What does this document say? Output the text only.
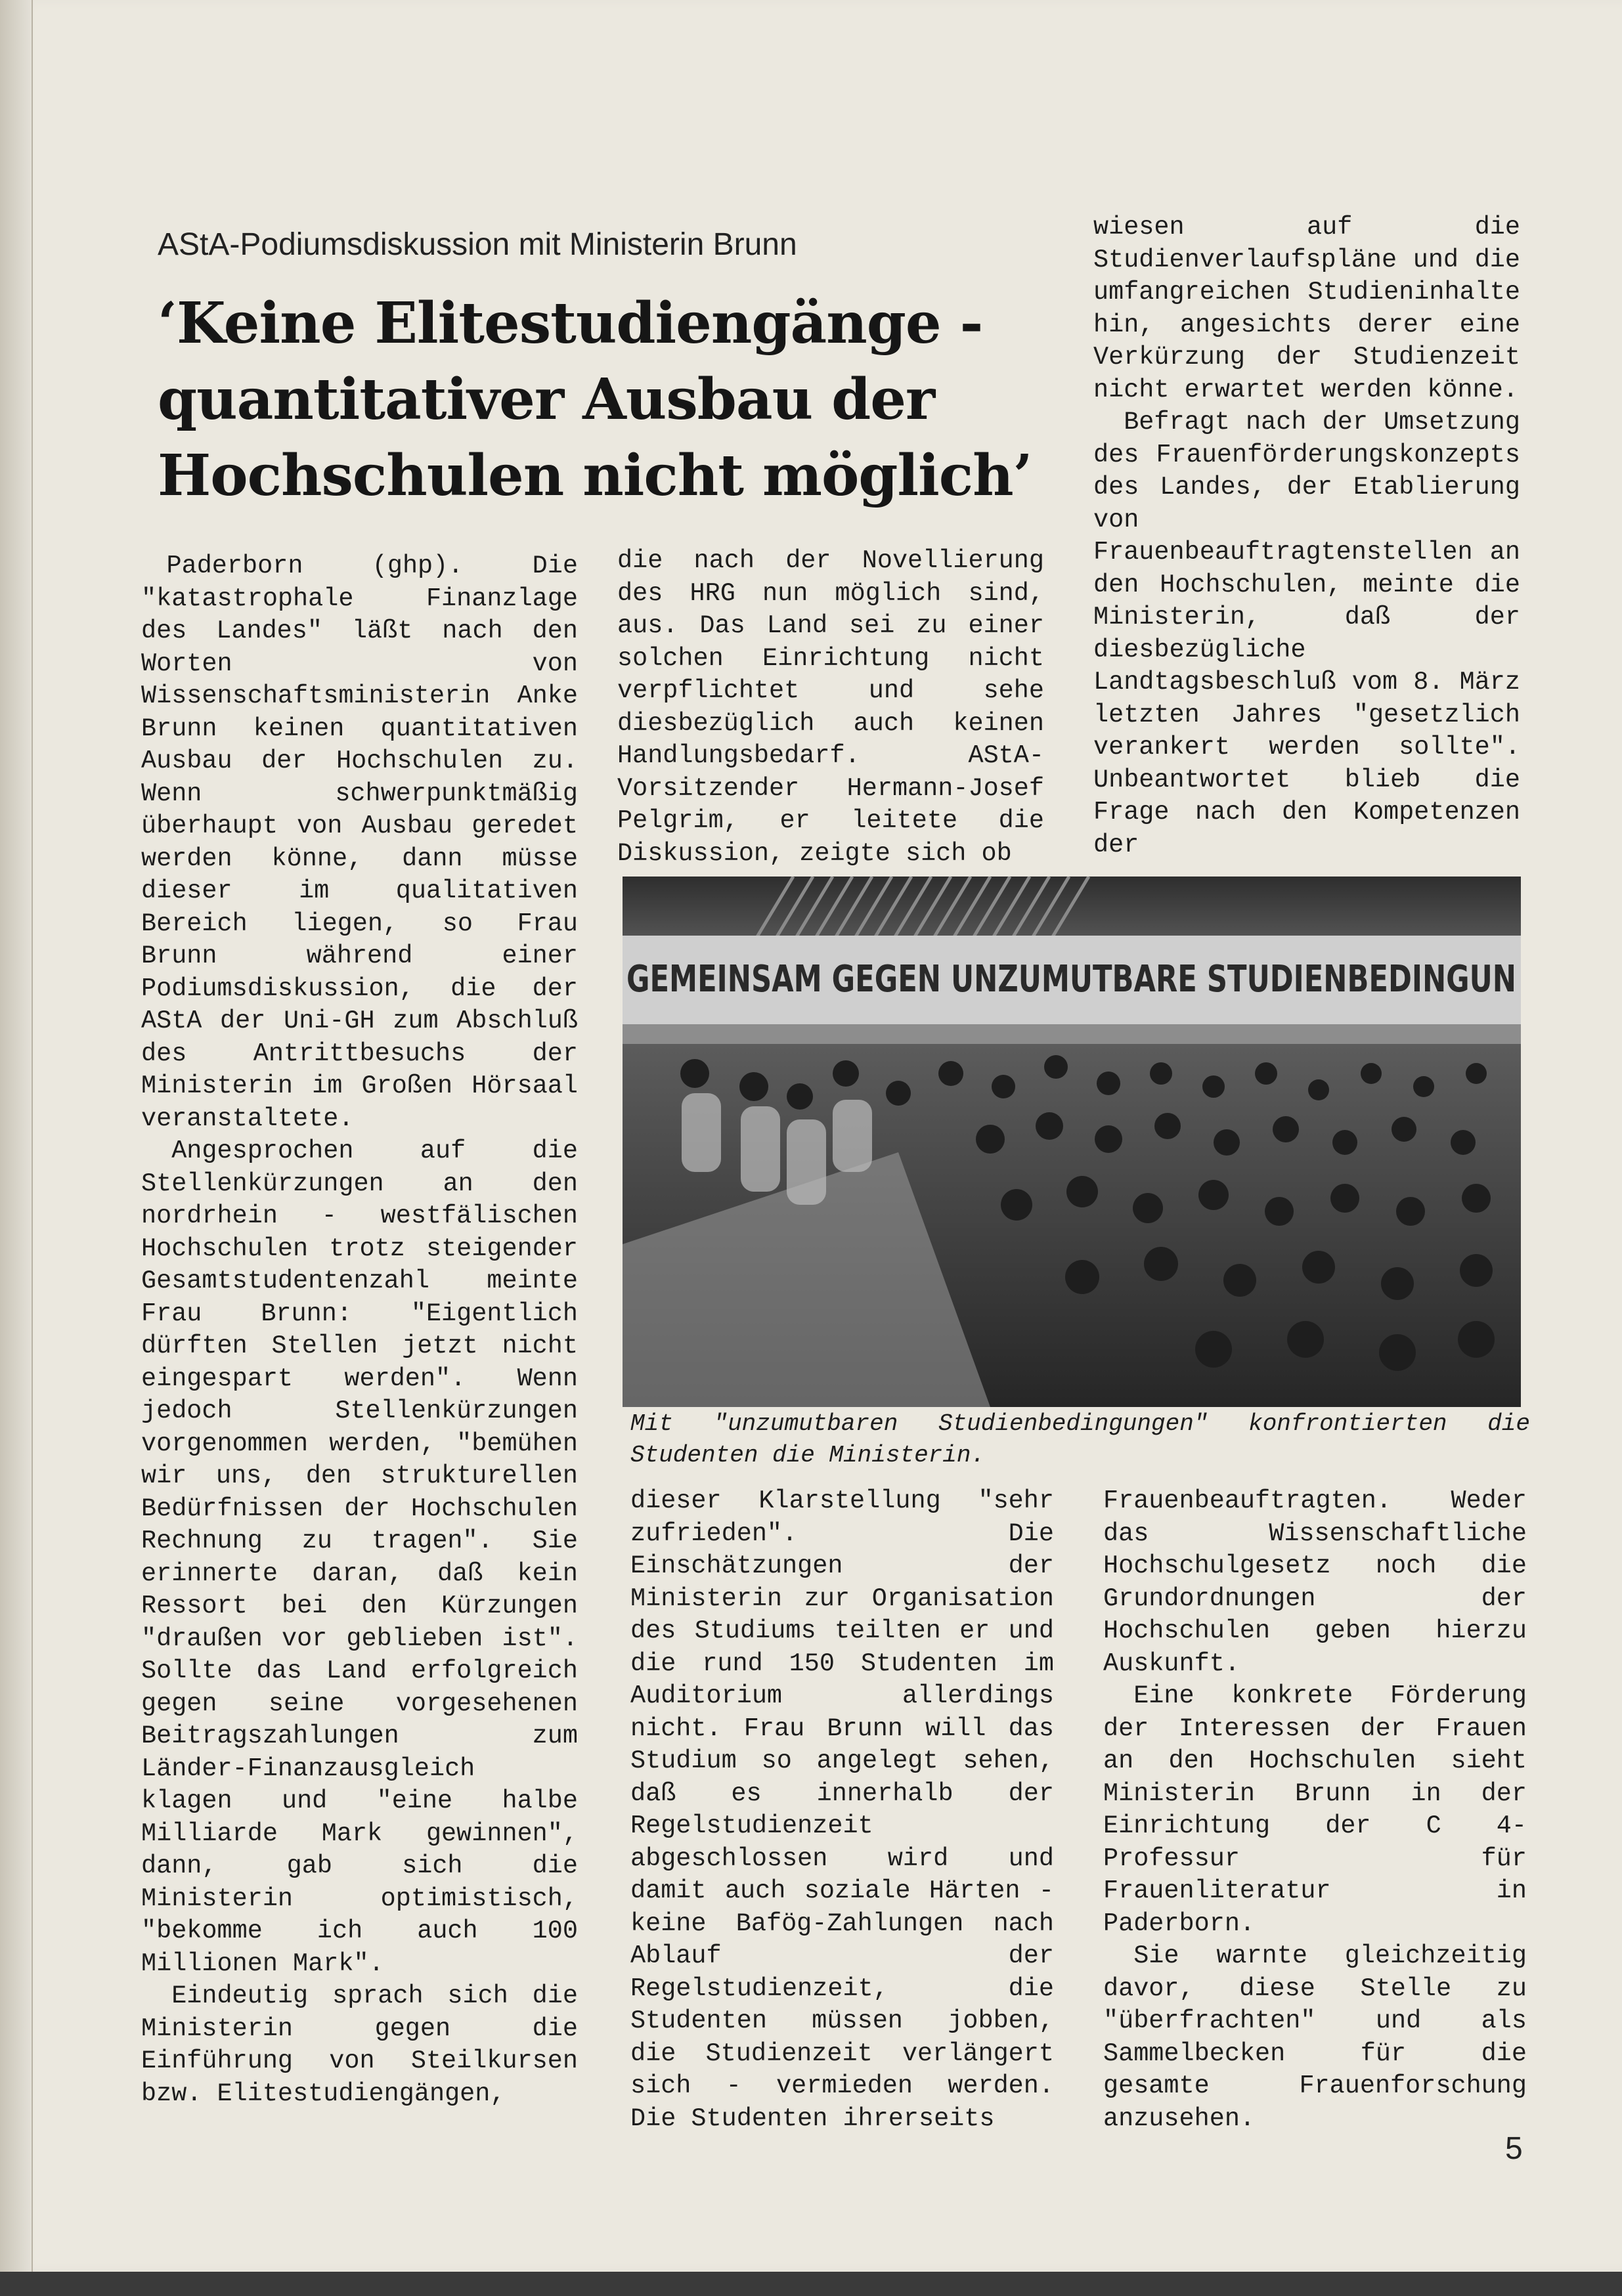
AStA-Podiumsdiskussion mit Ministerin Brunn
‘Keine Elitestudiengänge -
quantitativer Ausbau der
Hochschulen nicht möglich’

Paderborn (ghp). Die "katastrophale Finanzlage des Landes" läßt nach den Worten von Wissenschaftsministerin Anke Brunn keinen quantitativen Ausbau der Hochschulen zu. Wenn schwerpunktmäßig überhaupt von Ausbau geredet werden könne, dann müsse dieser im qualitativen Bereich liegen, so Frau Brunn während einer Podiumsdiskussion, die der AStA der Uni-GH zum Abschluß des Antrittbesuchs der Ministerin im Großen Hörsaal veranstaltete.

Angesprochen auf die Stellenkürzungen an den nordrhein - westfälischen Hochschulen trotz steigender Gesamtstudentenzahl meinte Frau Brunn: "Eigentlich dürften Stellen jetzt nicht eingespart werden". Wenn jedoch Stellenkürzungen vorgenommen werden, "bemühen wir uns, den strukturellen Bedürfnissen der Hochschulen Rechnung zu tragen". Sie erinnerte daran, daß kein Ressort bei den Kürzungen "draußen vor geblieben ist". Sollte das Land erfolgreich gegen seine vorgesehenen Beitragszahlungen zum Länder-Finanzausgleich klagen und "eine halbe Milliarde Mark gewinnen", dann, gab sich die Ministerin optimistisch, "bekomme ich auch 100 Millionen Mark".

Eindeutig sprach sich die Ministerin gegen die Einführung von Steilkursen bzw. Elitestudiengängen,

die nach der Novellierung des HRG nun möglich sind, aus. Das Land sei zu einer solchen Einrichtung nicht verpflichtet und sehe diesbezüglich auch keinen Handlungsbedarf. AStA-Vorsitzender Hermann-Josef Pelgrim, er leitete die Diskussion, zeigte sich ob

wiesen auf die Studienverlaufspläne und die umfangreichen Studieninhalte hin, angesichts derer eine Verkürzung der Studienzeit nicht erwartet werden könne.

Befragt nach der Umsetzung des Frauenförderungskonzepts des Landes, der Etablierung von Frauenbeauftragtenstellen an den Hochschulen, meinte die Ministerin, daß der diesbezügliche Landtagsbeschluß vom 8. März letzten Jahres "gesetzlich verankert werden sollte". Unbeantwortet blieb die Frage nach den Kompetenzen der

GEMEINSAM GEGEN UNZUMUTBARE STUDIENBEDINGUN
Mit "unzumutbaren Studienbedingungen" konfrontierten die Studenten die Ministerin.

dieser Klarstellung "sehr zufrieden". Die Einschätzungen der Ministerin zur Organisation des Studiums teilten er und die rund 150 Studenten im Auditorium allerdings nicht. Frau Brunn will das Studium so angelegt sehen, daß es innerhalb der Regelstudienzeit abgeschlossen wird und damit auch soziale Härten - keine Bafög-Zahlungen nach Ablauf der Regelstudienzeit, die Studenten müssen jobben, die Studienzeit verlängert sich - vermieden werden. Die Studenten ihrerseits

Frauenbeauftragten. Weder das Wissenschaftliche Hochschulgesetz noch die Grundordnungen der Hochschulen geben hierzu Auskunft.

Eine konkrete Förderung der Interessen der Frauen an den Hochschulen sieht Ministerin Brunn in der Einrichtung der C 4-Professur für Frauenliteratur in Paderborn.

Sie warnte gleichzeitig davor, diese Stelle zu "überfrachten" und als Sammelbecken für die gesamte Frauenforschung anzusehen.

5
